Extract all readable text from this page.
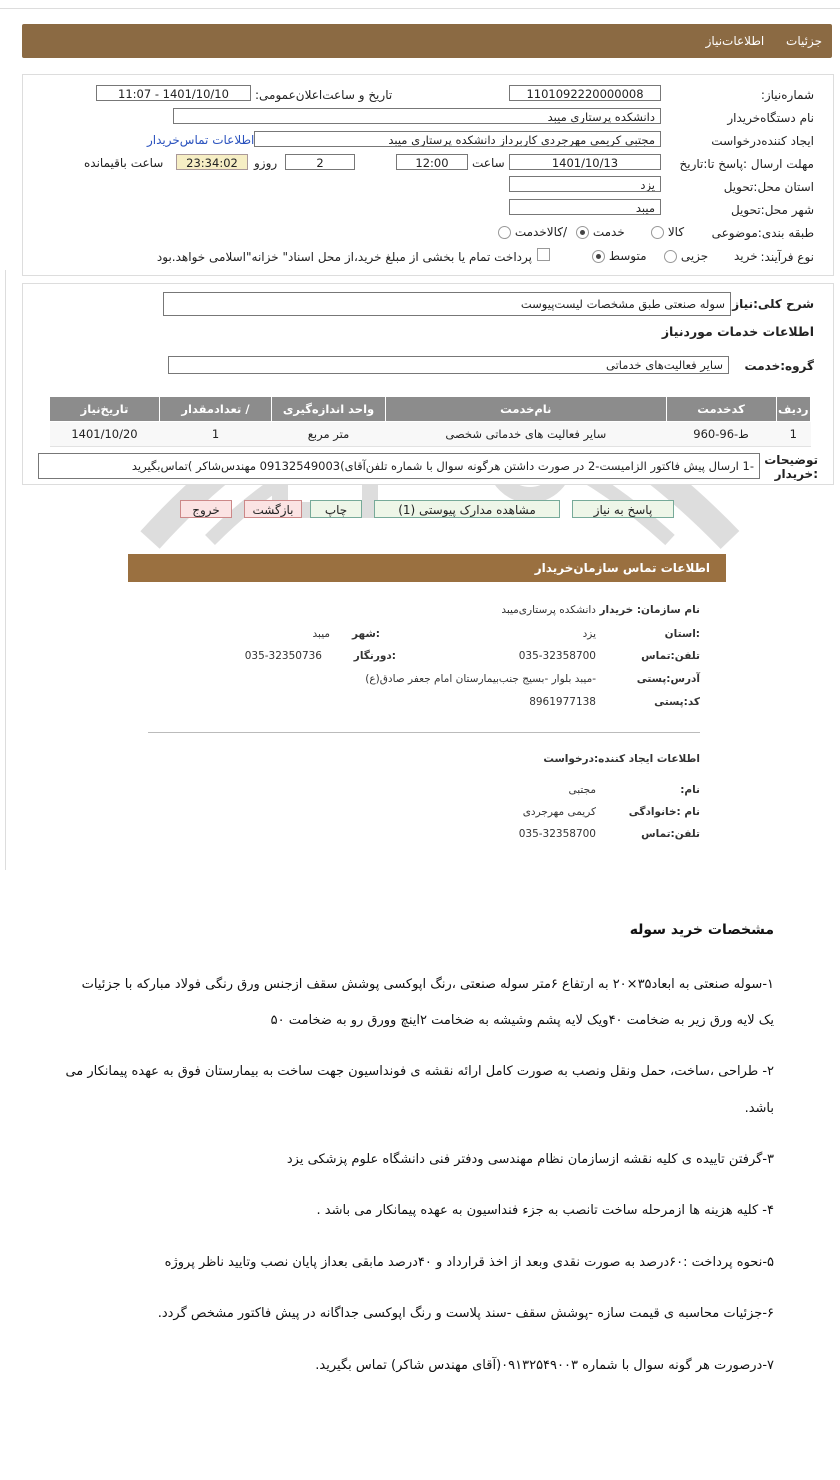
جزئیات اطلاعات‌نیاز
شماره‌نیاز:
1101092220000008
تاریخ و ساعت‌اعلان‌عمومی:
1401/10/10 - 11:07
نام دستگاه‌خریدار
دانشکده پرستاری میبد
ایجاد کننده‌درخواست
مجتبی کریمی مهرجردی کاربرداز دانشکده پرستاری میبد
اطلاعات تماس‌خریدار
مهلت ارسال :پاسخ تا:تاریخ
1401/10/13
ساعت
12:00
2
روزو
23:34:02
ساعت باقیمانده
استان محل:تحویل
یزد
شهر محل:تحویل
میبد
طبقه بندی:موضوعی
کالا
خدمت
/کالاخدمت
نوع فرآیند:
خرید
جزیی
متوسط
پرداخت تمام یا بخشی از مبلغ خرید،از محل اسناد" خزانه"اسلامی خواهد.بود
شرح کلی:نیاز
سوله صنعتی طبق مشخصات لیست‌پیوست
اطلاعات خدمات موردنیاز
گروه:خدمت
سایر فعالیت‌های خدماتی
ردیف	کدخدمت	نام‌خدمت	واحد اندازه‌گیری	/ تعدادمقدار	تاریخ‌نیاز
1	ط-96-960	سایر فعالیت های خدماتی شخصی	متر مربع	1	1401/10/20
توضیحات :خریدار
-1 ارسال پیش فاکتور الزامیست-2 در صورت داشتن هرگونه سوال با شماره تلفن‌آقای)09132549003 مهندس‌شاکر )تماس‌بگیرید
پاسخ به نیاز
مشاهده مدارک پیوستی (1)
چاپ
بازگشت
خروج
اطلاعات تماس سازمان‌خریدار
نام سازمان: خریدار
دانشکده پرستاری‌میبد
:استان
یزد
:شهر
میبد
تلفن:تماس
035-32358700
:دورنگار
035-32350736
آدرس:پستی
-میبد بلوار -بسیج جنب‌بیمارستان امام جعفر صادق(ع)
کد:پستی
8961977138
اطلاعات ایجاد کننده:درخواست
نام:
مجتبی
نام :خانوادگی
کریمی مهرجردی
تلفن:تماس
035-32358700
مشخصات خرید سوله
۱-سوله صنعتی به ابعاد۳۵×۲۰ به ارتفاع ۶متر سوله صنعتی ،رنگ اپوکسی پوشش سقف ازجنس ورق رنگی فولاد مبارکه با جزئیات
یک لایه ورق زیر به ضخامت ۴۰ویک لایه پشم وشیشه به ضخامت ۲اینچ وورق رو به ضخامت ۵۰
۲- طراحی ،ساخت، حمل ونقل ونصب به صورت کامل ارائه نقشه ی فونداسیون جهت ساخت به بیمارستان فوق به عهده پیمانکار می
باشد.
۳-گرفتن تاییده ی کلیه نقشه ازسازمان نظام مهندسی ودفتر فنی دانشگاه علوم پزشکی یزد
۴- کلیه هزینه ها ازمرحله ساخت تانصب به جزء فنداسیون به عهده پیمانکار می باشد .
۵-نحوه پرداخت :۶۰درصد به صورت نقدی وبعد از اخذ قرارداد و ۴۰درصد مابقی بعداز پایان نصب وتایید ناظر پروژه
۶-جزئیات محاسبه ی قیمت سازه -پوشش سقف -سند پلاست و رنگ اپوکسی جداگانه در پیش فاکتور مشخص گردد.
۷-درصورت هر گونه سوال با شماره ۰۹۱۳۲۵۴۹۰۰۳(آقای مهندس شاکر) تماس بگیرید.
